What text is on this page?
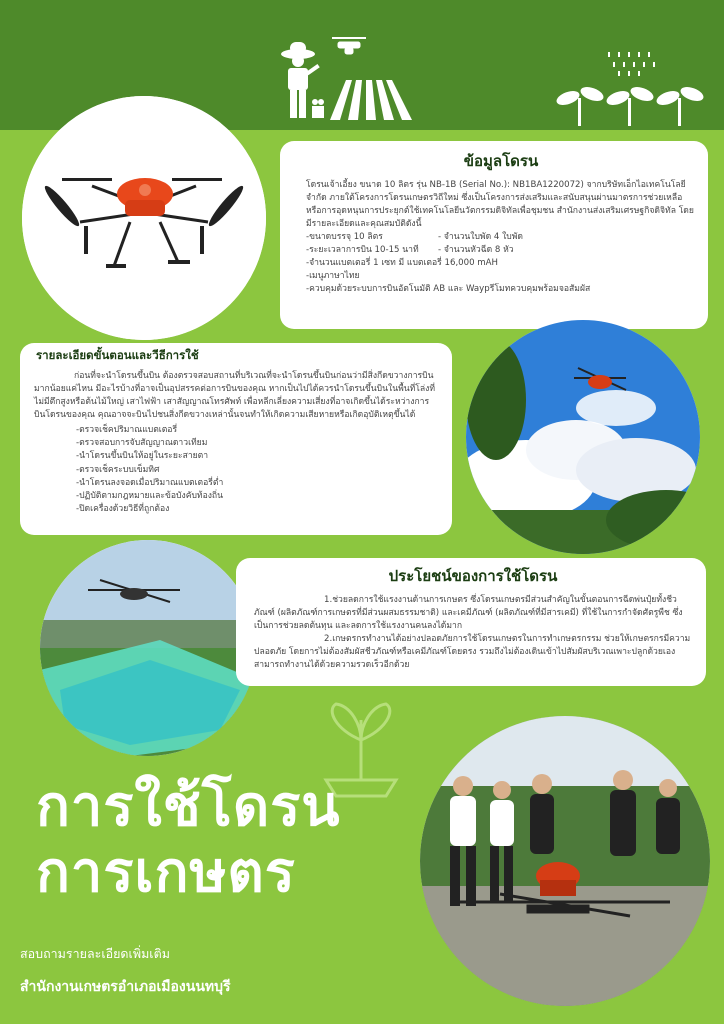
ข้อมูลโดรน

โดรนเจ้าเอี้ยง ขนาด 10 ลิตร รุ่น NB-1B (Serial No.): NB1BA1220072) จากบริษัทเอ็กไอเทคโนโลยีจำกัด ภายใต้โครงการโดรนเกษตรวิถีใหม่ ซึ่งเป็นโครงการส่งเสริมและสนับสนุนผ่านมาตรการช่วยเหลือหรือการอุดหนุนการประยุกต์ใช้เทคโนโลยีนวัตกรรมดิจิทัลเพื่อชุมชน สำนักงานส่งเสริมเศรษฐกิจดิจิทัล โดยมีรายละเอียดและคุณสมบัติดังนี้

-ขนาดบรรจุ 10 ลิตร	- จำนวนใบพัด 4 ใบพัด
-ระยะเวลาการบิน 10-15 นาที	- จำนวนหัวฉีด 8 หัว

-จำนวนแบตเตอรี่ 1 เซท มี แบตเตอรี่ 16,000 mAH

-เมนูภาษาไทย

-ควบคุมด้วยระบบการบินอัตโนมัติ AB และ Waypรีโมทควบคุมพร้อมจอสัมผัส

รายละเอียดขั้นตอนและวีธีการใช้

ก่อนที่จะนำโดรนขึ้นบิน ต้องตรวจสอบสถานที่บริเวณที่จะนำโดรนขึ้นบินก่อนว่ามีสิ่งกีดขวางการบินมากน้อยแค่ไหน มีอะไรบ้างที่อาจเป็นอุปสรรคต่อการบินของคุณ หากเป็นไปได้ควรนำโดรนขึ้นบินในพื้นที่โล่งที่ไม่มีตึกสูงหรือต้นไม้ใหญ่ เสาไฟฟ้า เสาสัญญาณโทรศัพท์ เพื่อหลีกเลี่ยงความเสี่ยงที่อาจเกิดขึ้นได้ระหว่างการบินโดรนของคุณ คุณอาจจะบินไปชนสิ่งกีดขวางเหล่านั้นจนทำให้เกิดความเสียหายหรือเกิดอุบัติเหตุขึ้นได้

-ตรวจเช็คปริมาณแบตเตอรี่
-ตรวจสอบการจับสัญญาณดาวเทียม
-นำโดรนขึ้นบินให้อยู่ในระยะสายตา
-ตรวจเช็คระบบเข็มทิศ
-นำโดรนลงจอดเมื่อปริมาณแบตเตอรี่ต่ำ
-ปฏิบัติตามกฎหมายและข้อบังคับท้องถิ่น
-ปิดเครื่องด้วยวิธีที่ถูกต้อง
ประโยชน์ของการใช้โดรน

1.ช่วยลดการใช้แรงงานด้านการเกษตร ซึ่งโดรนเกษตรมีส่วนสำคัญในขั้นตอนการฉีดพ่นปุ๋ยทั้งชีวภัณฑ์ (ผลิตภัณฑ์การเกษตรที่มีส่วนผสมธรรมชาติ) และเคมีภัณฑ์ (ผลิตภัณฑ์ที่มีสารเคมี) ที่ใช้ในการกำจัดศัตรูพืช ซึ่งเป็นการช่วยลดต้นทุน และลดการใช้แรงงานคนลงได้มาก

2.เกษตรกรทำงานได้อย่างปลอดภัยการใช้โดรนเกษตรในการทำเกษตรกรรม ช่วยให้เกษตรกรมีความปลอดภัย โดยการไม่ต้องสัมผัสชีวภัณฑ์หรือเคมีภัณฑ์โดยตรง รวมถึงไม่ต้องเดินเข้าไปสัมผัสบริเวณเพาะปลูกด้วยเอง สามารถทำงานได้ด้วยความรวดเร็วอีกด้วย

การใช้โดรน
การเกษตร
สอบถามรายละเอียดเพิ่มเติม
สำนักงานเกษตรอำเภอเมืองนนทบุรี
